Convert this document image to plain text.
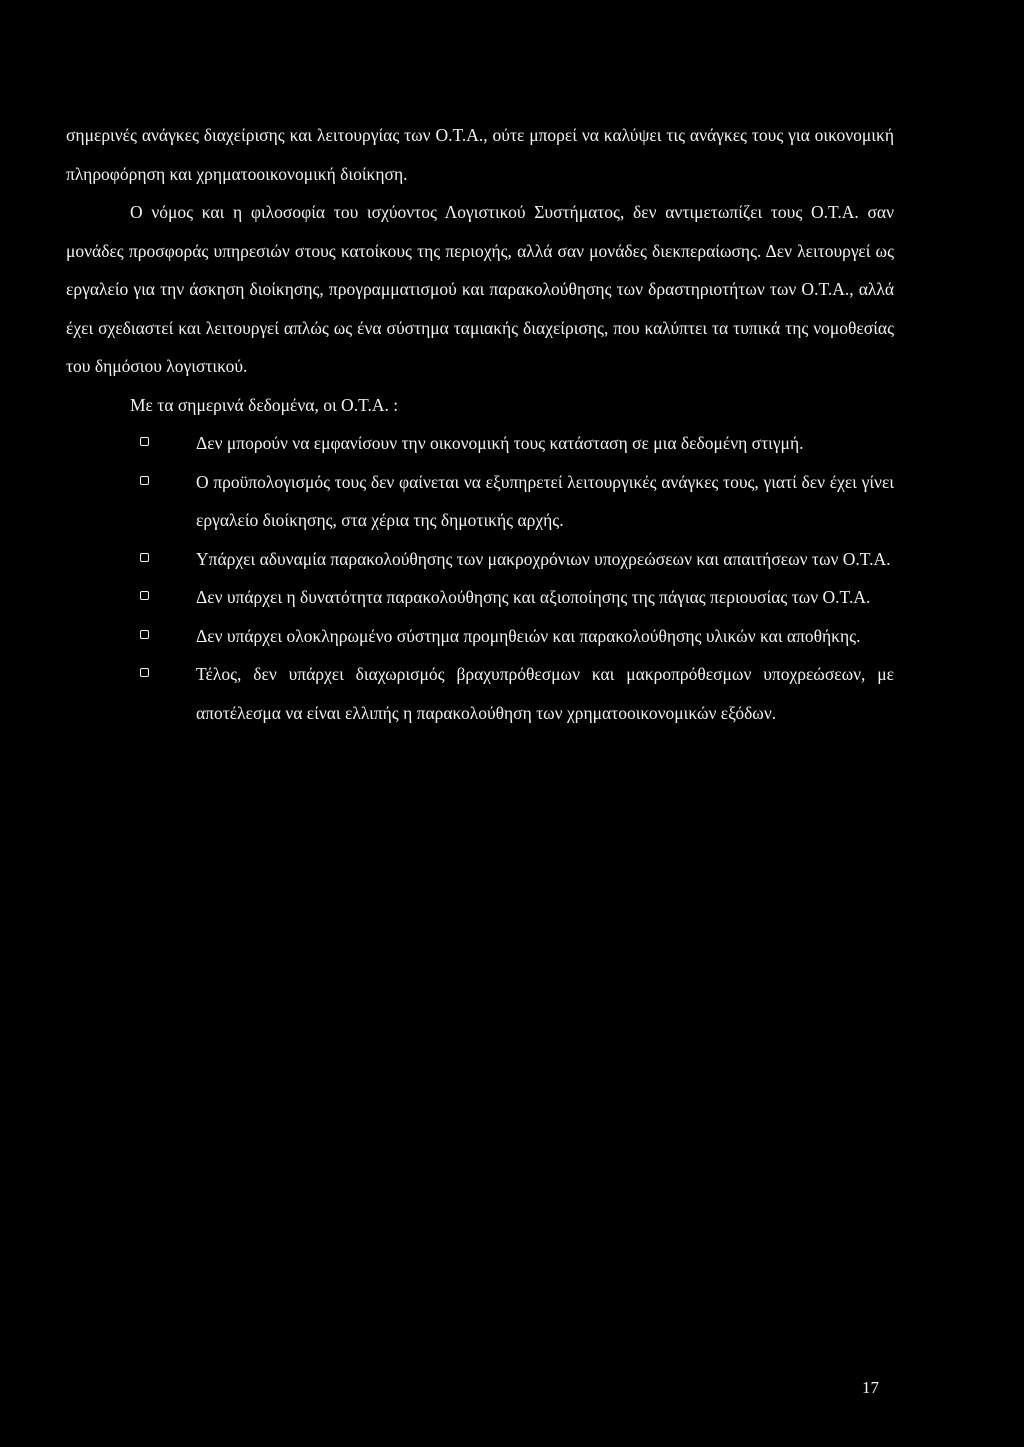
σημερινές ανάγκες διαχείρισης και λειτουργίας των Ο.Τ.Α., ούτε μπορεί να καλύψει τις ανάγκες τους για οικονομική πληροφόρηση και χρηματοοικονομική διοίκηση.

Ο νόμος και η φιλοσοφία του ισχύοντος Λογιστικού Συστήματος, δεν αντιμετωπίζει τους Ο.Τ.Α. σαν μονάδες προσφοράς υπηρεσιών στους κατοίκους της περιοχής, αλλά σαν μονάδες διεκπεραίωσης. Δεν λειτουργεί ως εργαλείο για την άσκηση διοίκησης, προγραμματισμού και παρακολούθησης των δραστηριοτήτων των Ο.Τ.Α., αλλά έχει σχεδιαστεί και λειτουργεί απλώς ως ένα σύστημα ταμιακής διαχείρισης, που καλύπτει τα τυπικά της νομοθεσίας του δημόσιου λογιστικού.

Με τα σημερινά δεδομένα, οι Ο.Τ.Α. :

Δεν μπορούν να εμφανίσουν την οικονομική τους κατάσταση σε μια δεδομένη στιγμή.
Ο προϋπολογισμός τους δεν φαίνεται να εξυπηρετεί λειτουργικές ανάγκες τους, γιατί δεν έχει γίνει εργαλείο διοίκησης, στα χέρια της δημοτικής αρχής.
Υπάρχει αδυναμία παρακολούθησης των μακροχρόνιων υποχρεώσεων και απαιτήσεων των Ο.Τ.Α.
Δεν υπάρχει η δυνατότητα παρακολούθησης και αξιοποίησης της πάγιας περιουσίας των Ο.Τ.Α.
Δεν υπάρχει ολοκληρωμένο σύστημα προμηθειών και παρακολούθησης υλικών και αποθήκης.
Τέλος, δεν υπάρχει διαχωρισμός βραχυπρόθεσμων και μακροπρόθεσμων υποχρεώσεων, με αποτέλεσμα να είναι ελλιπής η παρακολούθηση των χρηματοοικονομικών εξόδων.
17
